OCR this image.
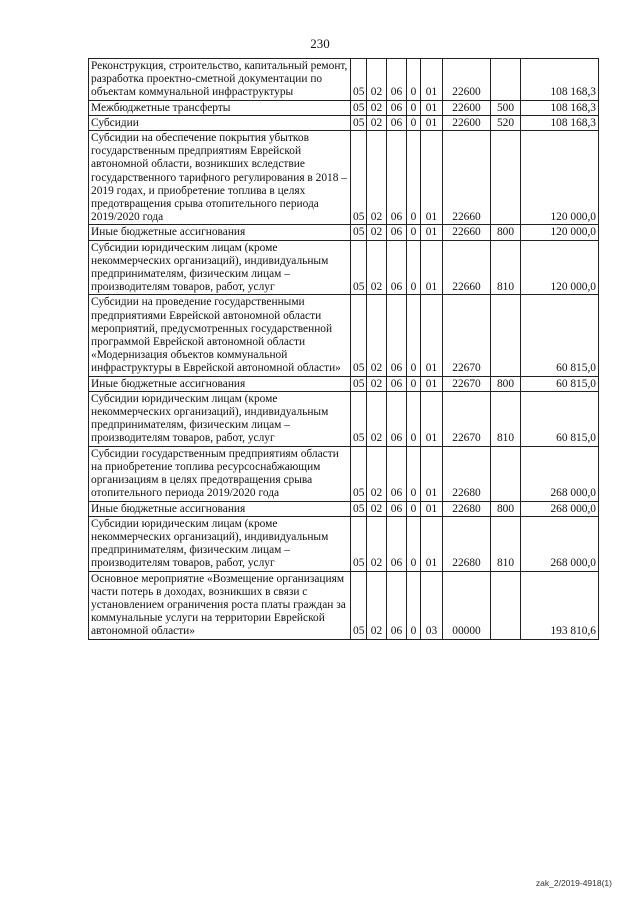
230
Реконструкция, строительство, капитальный ремонт, разработка проектно-сметной документации по объектам коммунальной инфраструктуры	05	02	06	0	01	22600		108 168,3
Межбюджетные трансферты	05	02	06	0	01	22600	500	108 168,3
Субсидии	05	02	06	0	01	22600	520	108 168,3
Субсидии на обеспечение покрытия убытков государственным предприятиям Еврейской автономной области, возникших вследствие государственного тарифного регулирования в 2018 – 2019 годах, и приобретение топлива в целях предотвращения срыва отопительного периода 2019/2020 года	05	02	06	0	01	22660		120 000,0
Иные бюджетные ассигнования	05	02	06	0	01	22660	800	120 000,0
Субсидии юридическим лицам (кроме некоммерческих организаций), индивидуальным предпринимателям, физическим лицам – производителям товаров, работ, услуг	05	02	06	0	01	22660	810	120 000,0
Субсидии на проведение государственными предприятиями Еврейской автономной области мероприятий, предусмотренных государственной программой Еврейской автономной области «Модернизация объектов коммунальной инфраструктуры в Еврейской автономной области»	05	02	06	0	01	22670		60 815,0
Иные бюджетные ассигнования	05	02	06	0	01	22670	800	60 815,0
Субсидии юридическим лицам (кроме некоммерческих организаций), индивидуальным предпринимателям, физическим лицам – производителям товаров, работ, услуг	05	02	06	0	01	22670	810	60 815,0
Субсидии государственным предприятиям области на приобретение топлива ресурсоснабжающим организациям в целях предотвращения срыва отопительного периода 2019/2020 года	05	02	06	0	01	22680		268 000,0
Иные бюджетные ассигнования	05	02	06	0	01	22680	800	268 000,0
Субсидии юридическим лицам (кроме некоммерческих организаций), индивидуальным предпринимателям, физическим лицам – производителям товаров, работ, услуг	05	02	06	0	01	22680	810	268 000,0
Основное мероприятие «Возмещение организациям части потерь в доходах, возникших в связи с установлением ограничения роста платы граждан за коммунальные услуги на территории Еврейской автономной области»	05	02	06	0	03	00000		193 810,6
zak_2/2019-4918(1)
